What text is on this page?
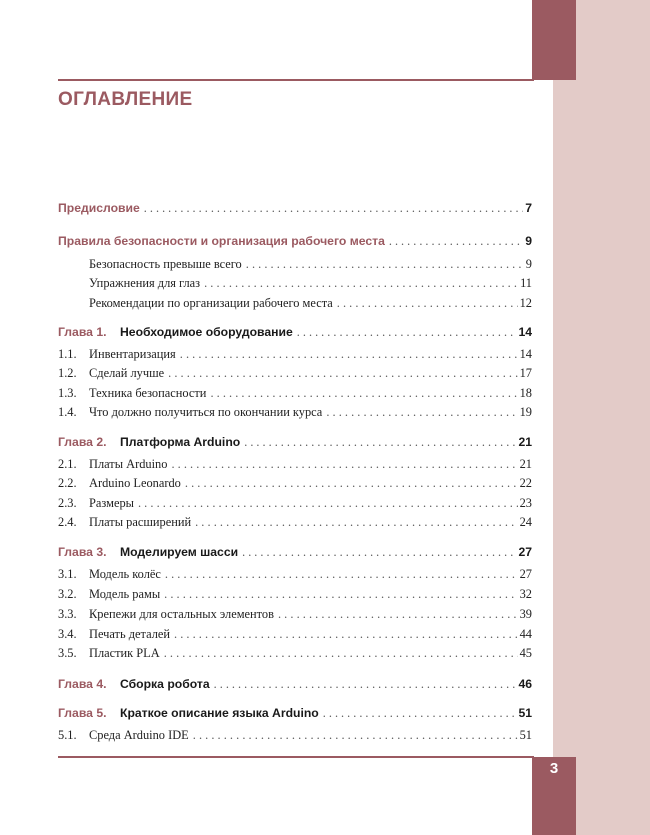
3
ОГЛАВЛЕНИЕ
Предисловие . . .	7
Правила безопасности и организация рабочего места . . .	9
Безопасность превыше всего . . .	9
Упражнения для глаз . . .	11
Рекомендации по организации рабочего места . . .	12
Глава 1.	Необходимое оборудование . . .	14
1.1.	Инвентаризация . . .	14
1.2.	Сделай лучше . . .	17
1.3.	Техника безопасности . . .	18
1.4.	Что должно получиться по окончании курса . . .	19
Глава 2.	Платформа Arduino . . .	21
2.1.	Платы Arduino . . .	21
2.2.	Arduino Leonardo . . .	22
2.3.	Размеры . . .	23
2.4.	Платы расширений . . .	24
Глава 3.	Моделируем шасси . . .	27
3.1.	Модель колёс . . .	27
3.2.	Модель рамы . . .	32
3.3.	Крепежи для остальных элементов . . .	39
3.4.	Печать деталей . . .	44
3.5.	Пластик PLA . . .	45
Глава 4.	Сборка робота . . .	46
Глава 5.	Краткое описание языка Arduino . . .	51
5.1.	Среда Arduino IDE . . .	51
